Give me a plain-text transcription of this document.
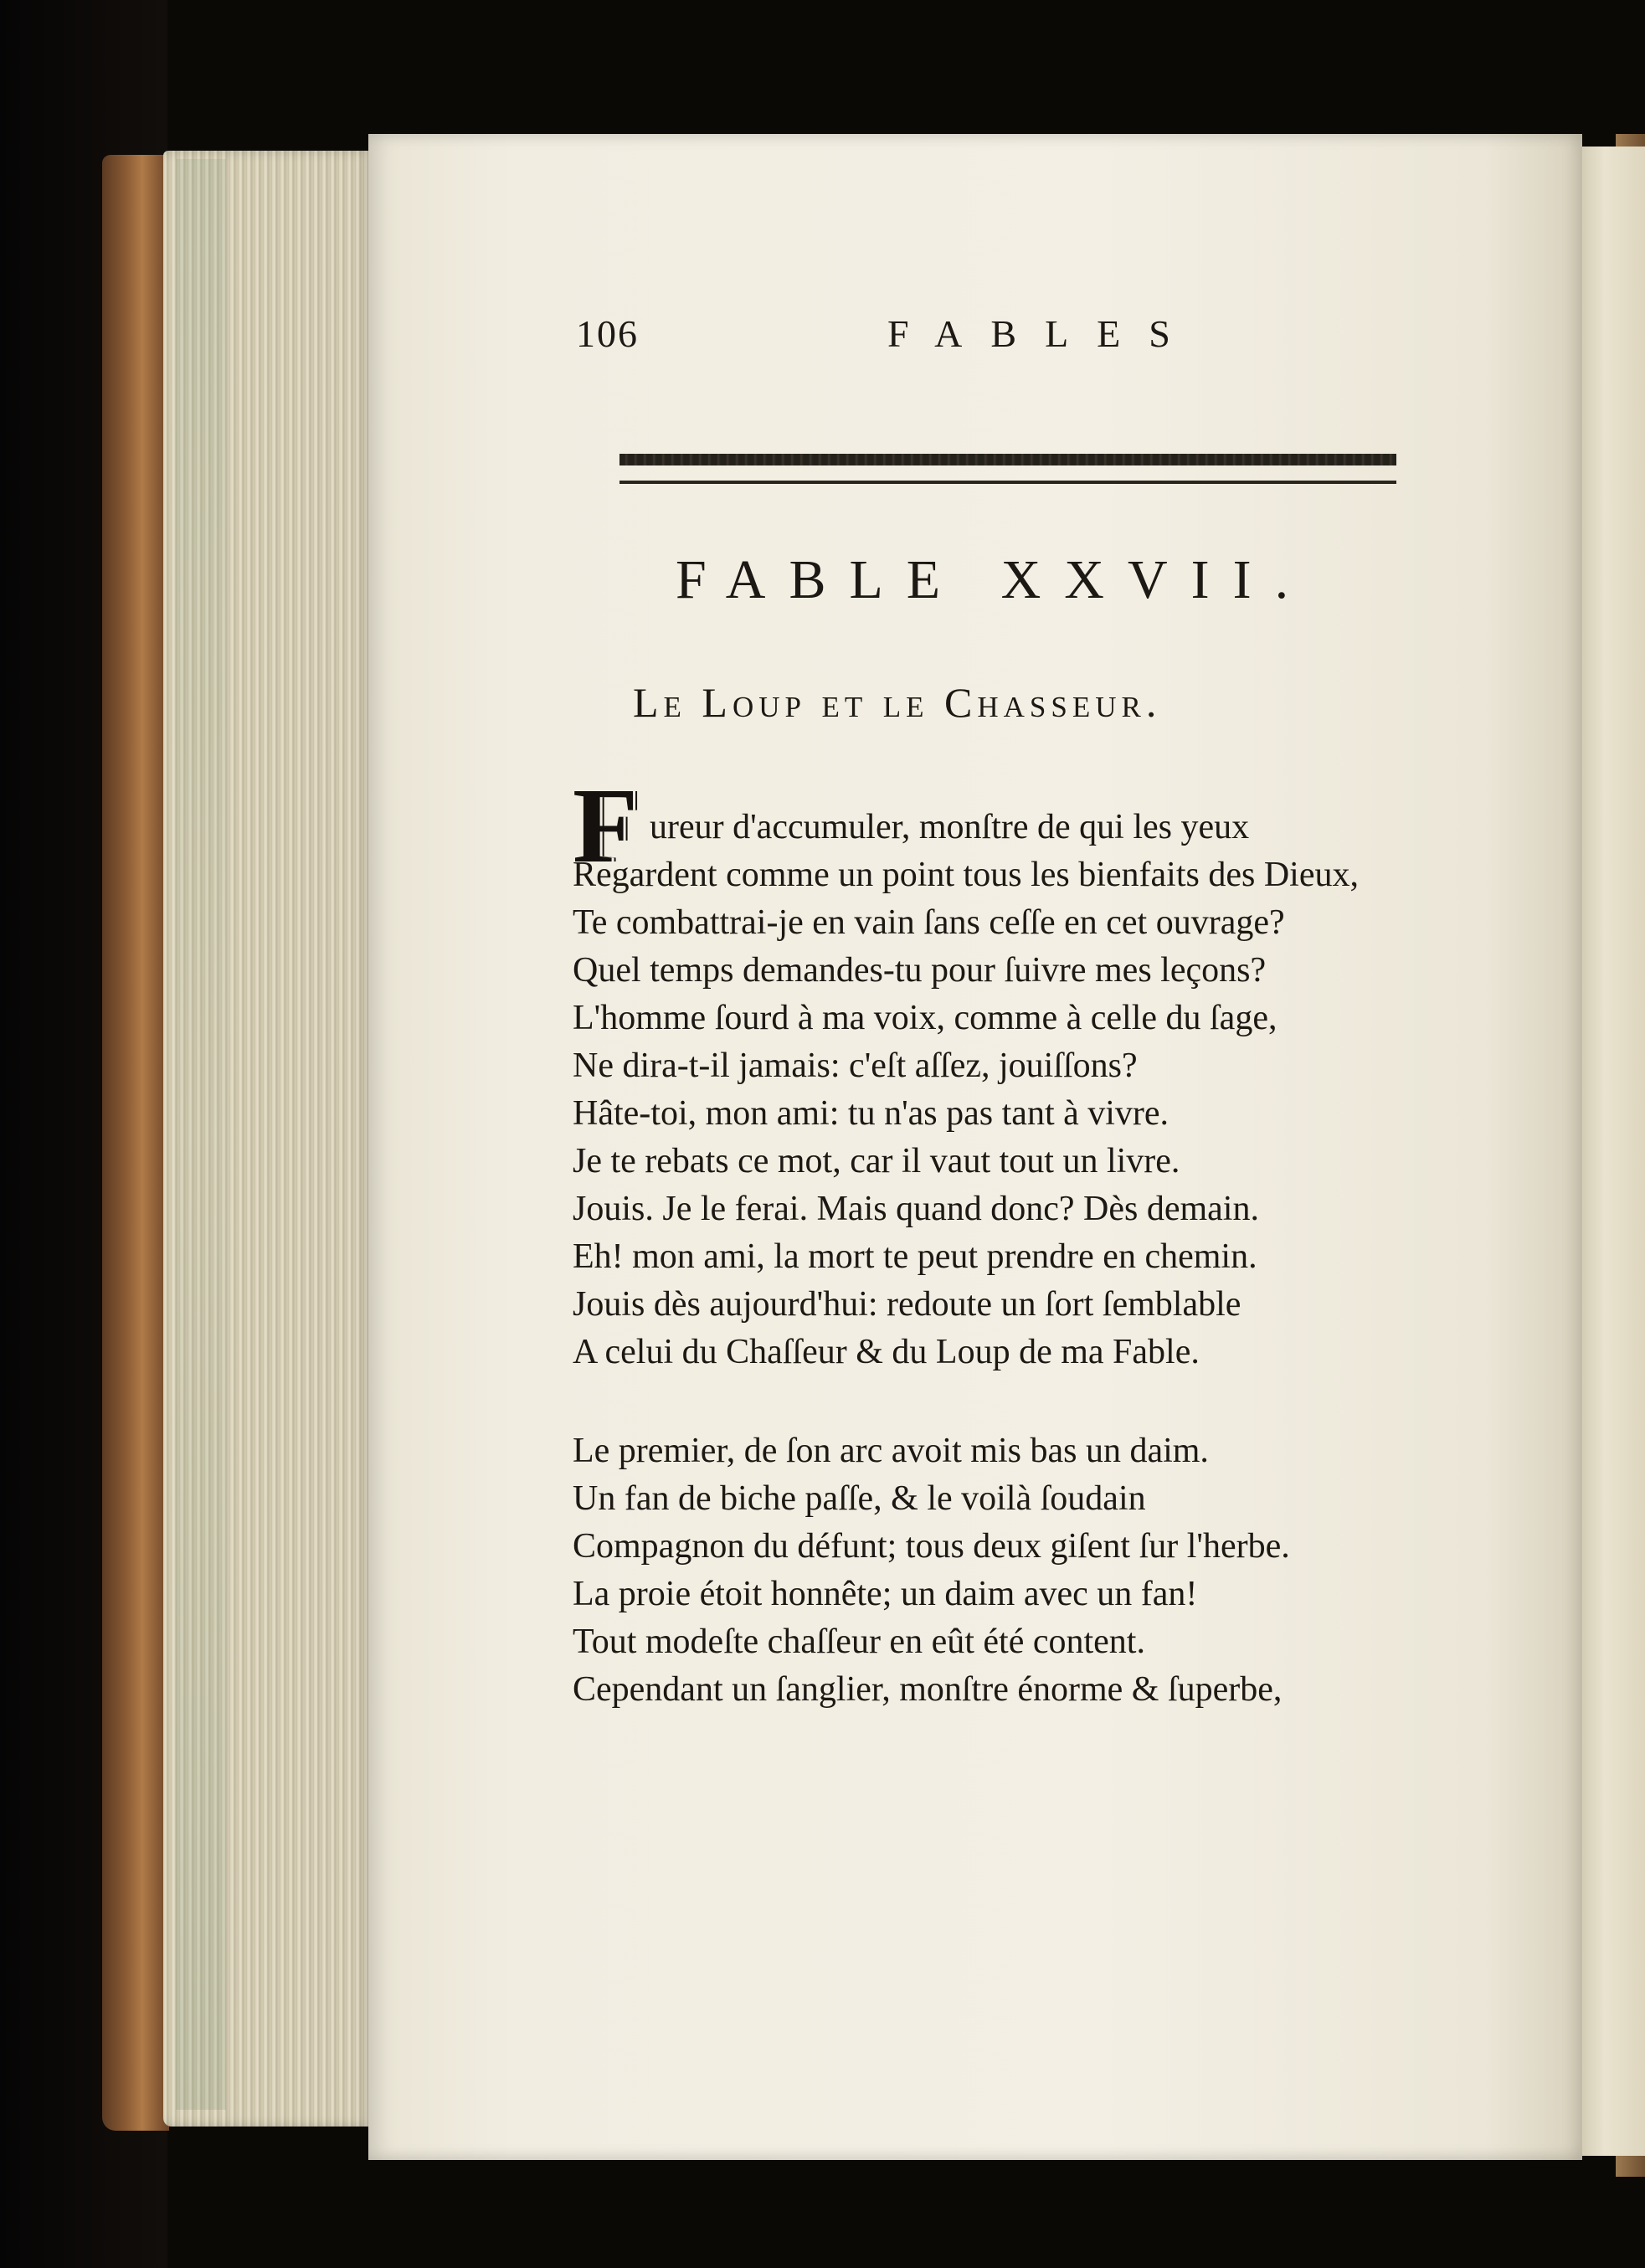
106	FABLES
FABLE XXVII.
Le Loup et le Chasseur.
F ureur d'accumuler, monſtre de qui les yeux
Regardent comme un point tous les bienfaits des Dieux,
Te combattrai-je en vain ſans ceſſe en cet ouvrage?
Quel temps demandes-tu pour ſuivre mes leçons?
L'homme ſourd à ma voix, comme à celle du ſage,
Ne dira-t-il jamais: c'eſt aſſez, jouiſſons?
Hâte-toi, mon ami: tu n'as pas tant à vivre.
Je te rebats ce mot, car il vaut tout un livre.
Jouis. Je le ferai. Mais quand donc? Dès demain.
Eh! mon ami, la mort te peut prendre en chemin.
Jouis dès aujourd'hui: redoute un ſort ſemblable
A celui du Chaſſeur & du Loup de ma Fable.
Le premier, de ſon arc avoit mis bas un daim.
Un fan de biche paſſe, & le voilà ſoudain
Compagnon du défunt; tous deux giſent ſur l'herbe.
La proie étoit honnête; un daim avec un fan!
Tout modeſte chaſſeur en eût été content.
Cependant un ſanglier, monſtre énorme & ſuperbe,
